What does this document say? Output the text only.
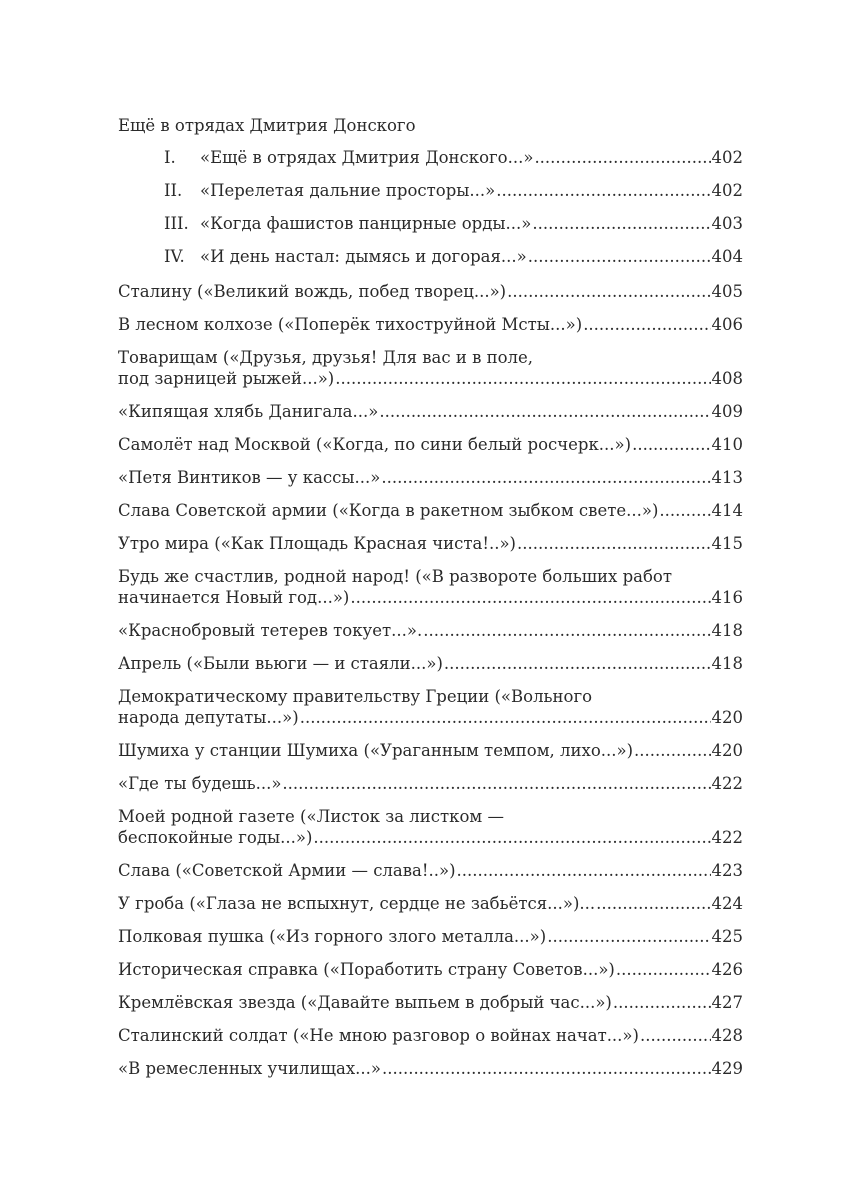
Ещё в отрядах Дмитрия Донского
I.	«Ещё в отрядах Дмитрия Донского...» .....	402
II.	«Перелетая дальние просторы...» .....	402
III. «Когда фашистов панцирные орды...» .....	403
IV. «И день настал: дымясь и догорая...» .....	404
Сталину («Великий вождь, побед творец...») .....	405
В лесном колхозе («Поперёк тихоструйной Мсты...») .....	406
Товарищам («Друзья, друзья! Для вас и в поле,
под зарницей рыжей...») .....	408
«Кипящая хлябь Данигала...» .....	409
Самолёт над Москвой («Когда, по сини белый росчерк...») .....	410
«Петя Винтиков — у кассы...» .....	413
Слава Советской армии («Когда в ракетном зыбком свете...») .....	414
Утро мира («Как Площадь Красная чиста!..») .....	415
Будь же счастлив, родной народ! («В развороте больших работ
начинается Новый год...») .....	416
«Краснобровый тетерев токует...». .....	418
Апрель («Были вьюги — и стаяли...») .....	418
Демократическому правительству Греции («Вольного
народа депутаты...») .....	420
Шумиха у станции Шумиха («Ураганным темпом, лихо...») .....	420
«Где ты будешь...» .....	422
Моей родной газете («Листок за листком —
беспокойные годы...») .....	422
Слава («Советской Армии — слава!..») .....	423
У гроба («Глаза не вспыхнут, сердце не забьётся...»)... .....	424
Полковая пушка («Из горного злого металла...») .....	425
Историческая справка («Поработить страну Советов...») .....	426
Кремлёвская звезда («Давайте выпьем в добрый час...») .....	427
Сталинский солдат («Не мною разговор о войнах начат...») .....	428
«В ремесленных училищах...» .....	429
